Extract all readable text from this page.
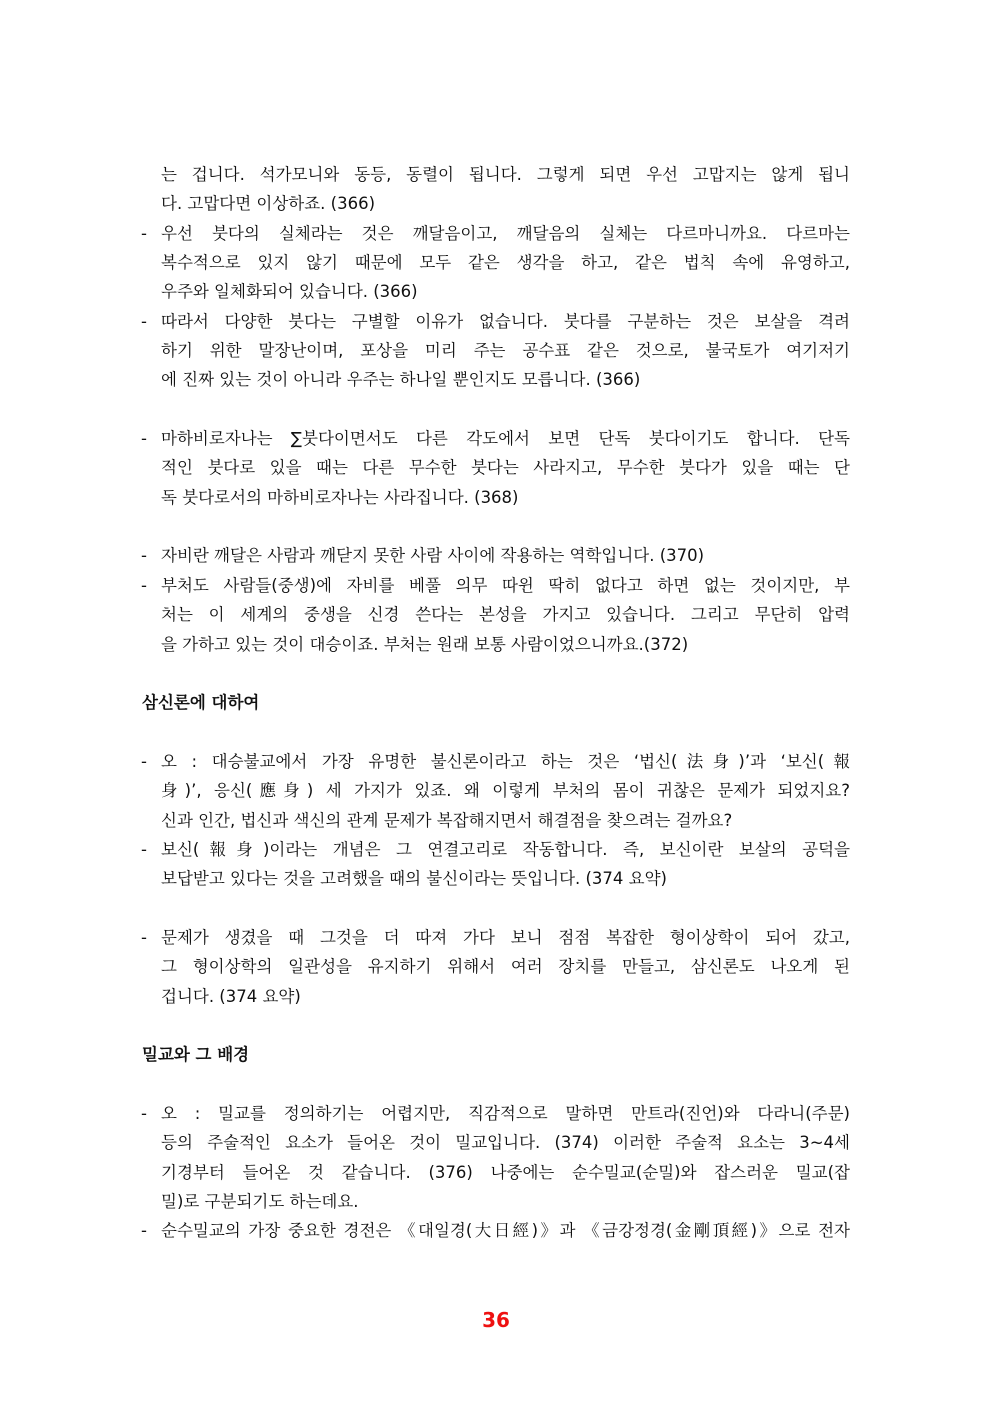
는 겁니다. 석가모니와 동등, 동렬이 됩니다. 그렇게 되면 우선 고맙지는 않게 됩니
다. 고맙다면 이상하죠. (366)
- 우선 붓다의 실체라는 것은 깨달음이고, 깨달음의 실체는 다르마니까요. 다르마는
복수적으로 있지 않기 때문에 모두 같은 생각을 하고, 같은 법칙 속에 유영하고,
우주와 일체화되어 있습니다. (366)
- 따라서 다양한 붓다는 구별할 이유가 없습니다. 붓다를 구분하는 것은 보살을 격려
하기 위한 말장난이며, 포상을 미리 주는 공수표 같은 것으로, 불국토가 여기저기
에 진짜 있는 것이 아니라 우주는 하나일 뿐인지도 모릅니다. (366)
- 마하비로자나는 ∑붓다이면서도 다른 각도에서 보면 단독 붓다이기도 합니다. 단독
적인 붓다로 있을 때는 다른 무수한 붓다는 사라지고, 무수한 붓다가 있을 때는 단
독 붓다로서의 마하비로자나는 사라집니다. (368)
- 자비란 깨달은 사람과 깨닫지 못한 사람 사이에 작용하는 역학입니다. (370)
- 부처도 사람들(중생)에 자비를 베풀 의무 따윈 딱히 없다고 하면 없는 것이지만, 부
처는 이 세계의 중생을 신경 쓴다는 본성을 가지고 있습니다. 그리고 무단히 압력
을 가하고 있는 것이 대승이죠. 부처는 원래 보통 사람이었으니까요.(372)
삼신론에 대하여
- 오 : 대승불교에서 가장 유명한 불신론이라고 하는 것은 ‘법신(法身)’과 ‘보신(報
身)’, 응신(應身) 세 가지가 있죠. 왜 이렇게 부처의 몸이 귀찮은 문제가 되었지요?
신과 인간, 법신과 색신의 관계 문제가 복잡해지면서 해결점을 찾으려는 걸까요?
- 보신(報身)이라는 개념은 그 연결고리로 작동합니다. 즉, 보신이란 보살의 공덕을
보답받고 있다는 것을 고려했을 때의 불신이라는 뜻입니다. (374 요약)
- 문제가 생겼을 때 그것을 더 따져 가다 보니 점점 복잡한 형이상학이 되어 갔고,
그 형이상학의 일관성을 유지하기 위해서 여러 장치를 만들고, 삼신론도 나오게 된
겁니다. (374 요약)
밀교와 그 배경
- 오 : 밀교를 정의하기는 어렵지만, 직감적으로 말하면 만트라(진언)와 다라니(주문)
등의 주술적인 요소가 들어온 것이 밀교입니다. (374) 이러한 주술적 요소는 3~4세
기경부터 들어온 것 같습니다. (376) 나중에는 순수밀교(순밀)와 잡스러운 밀교(잡
밀)로 구분되기도 하는데요.
- 순수밀교의 가장 중요한 경전은 《대일경(大日經)》과 《금강정경(金剛頂經)》으로 전자
36
